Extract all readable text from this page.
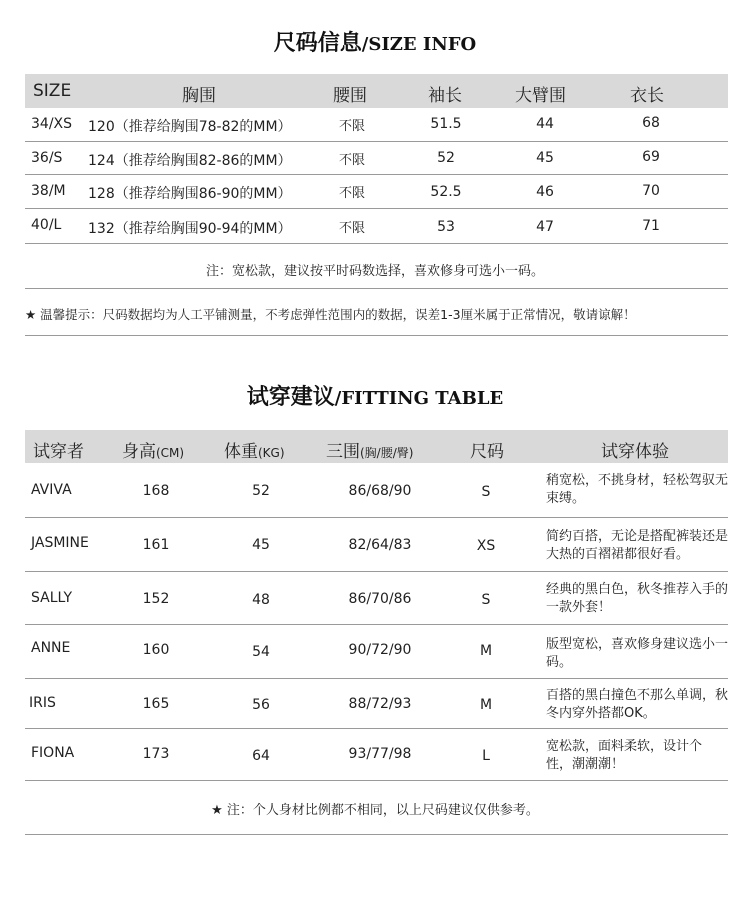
尺码信息/SIZE INFO
SIZE	胸围	腰围	袖长	大臂围	衣长
34/XS 120（推荐给胸围78-82的MM）	不限	51.5	44	68
36/S 124（推荐给胸围82-86的MM）	不限	52	45	69
38/M 128（推荐给胸围86-90的MM）	不限	52.5	46	70
40/L 132（推荐给胸围90-94的MM）	不限	53	47	71
注：宽松款，建议按平时码数选择，喜欢修身可选小一码。
★ 温馨提示：尺码数据均为人工平铺测量，不考虑弹性范围内的数据，误差1-3厘米属于正常情况，敬请谅解！
试穿建议/FITTING TABLE
试穿者 身高(CM) 体重(KG) 三围(胸/腰/臀)	尺码	试穿体验
AVIVA	168	52	86/68/90	S
稍宽松，不挑身材，轻松驾驭无束缚。
JASMINE	161	45	82/64/83	XS
简约百搭，无论是搭配裤装还是大热的百褶裙都很好看。
SALLY	152	48	86/70/86	S
经典的黑白色，秋冬推荐入手的一款外套！
ANNE	160	54	90/72/90	M	版型宽松，喜欢修身建议选小一码。
IRIS	165	56	88/72/93	M
百搭的黑白撞色不那么单调，秋冬内穿外搭都OK。
FIONA	173	64	93/77/98	L
宽松款，面料柔软，设计个性，潮潮潮！
★ 注：个人身材比例都不相同，以上尺码建议仅供参考。
